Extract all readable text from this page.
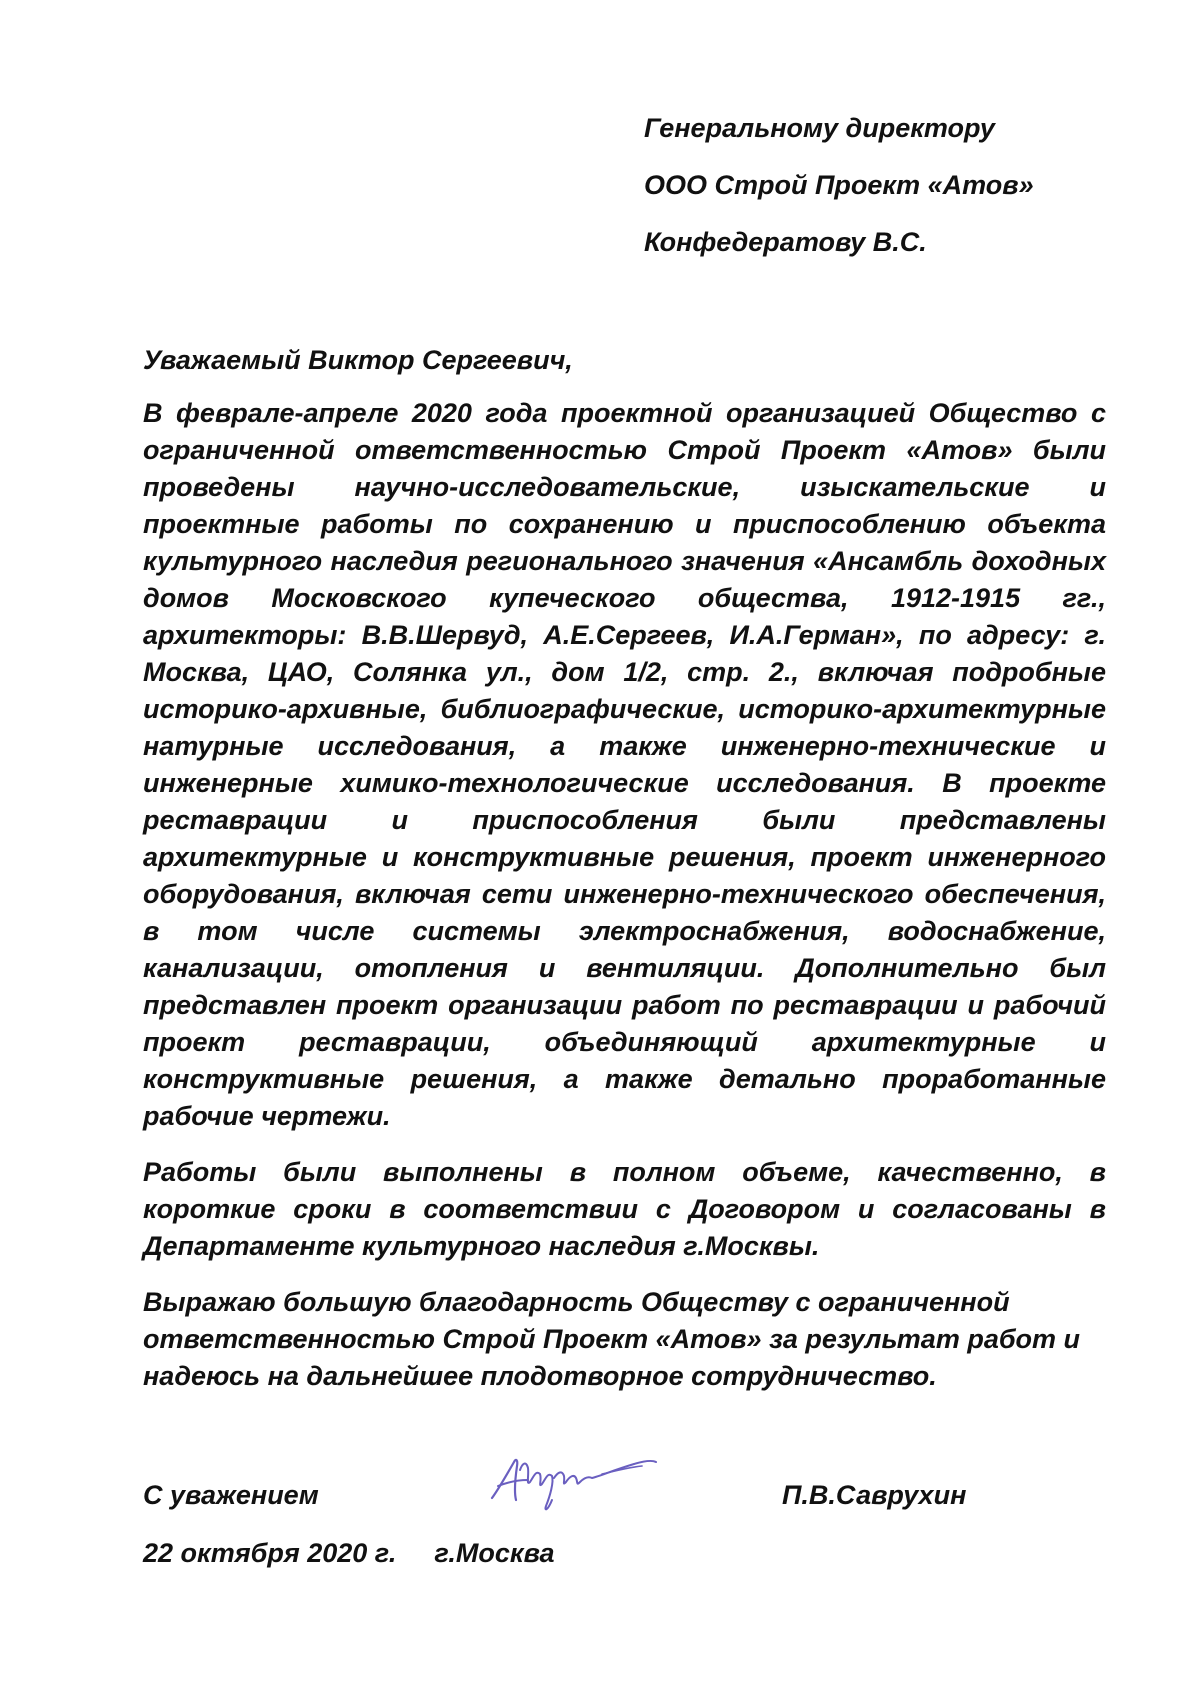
Генеральному директору
ООО Строй Проект «Атов»
Конфедератову В.С.
Уважаемый Виктор Сергеевич,

В феврале-апреле 2020 года проектной организацией Общество с ограниченной ответственностью Строй Проект «Атов» были проведены научно-исследовательские, изыскательские и проектные работы по сохранению и приспособлению объекта культурного наследия регионального значения «Ансамбль доходных домов Московского купеческого общества, 1912-1915 гг., архитекторы: В.В.Шервуд, А.Е.Сергеев, И.А.Герман», по адресу: г. Москва, ЦАО, Солянка ул., дом 1/2, стр. 2., включая подробные историко-архивные, библиографические, историко-архитектурные натурные исследования, а также инженерно-технические и инженерные химико-технологические исследования. В проекте реставрации и приспособления были представлены архитектурные и конструктивные решения, проект инженерного оборудования, включая сети инженерно-технического обеспечения, в том числе системы электроснабжения, водоснабжение, канализации, отопления и вентиляции. Дополнительно был представлен проект организации работ по реставрации и рабочий проект реставрации, объединяющий архитектурные и конструктивные решения, а также детально проработанные рабочие чертежи.

Работы были выполнены в полном объеме, качественно, в короткие сроки в соответствии с Договором и согласованы в Департаменте культурного наследия г.Москвы.

Выражаю большую благодарность Обществу с ограниченной ответственностью Строй Проект «Атов» за результат работ и надеюсь на дальнейшее плодотворное сотрудничество.

С уважением	П.В.Саврухин
22 октября 2020 г. г.Москва
